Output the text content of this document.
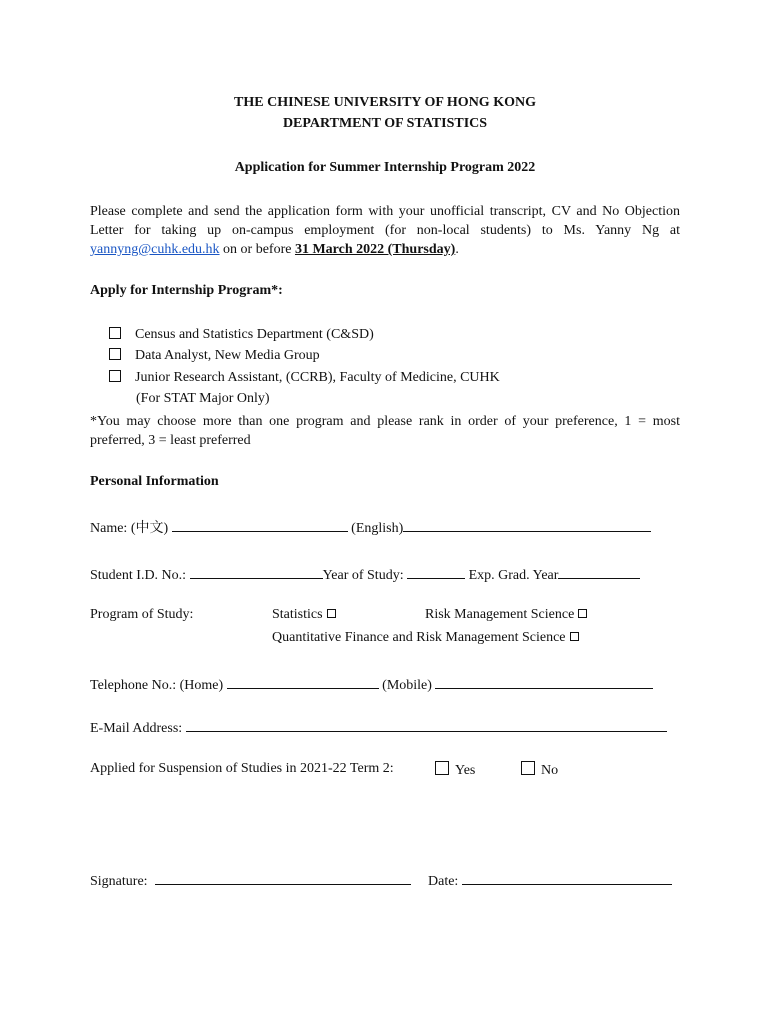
THE CHINESE UNIVERSITY OF HONG KONG
DEPARTMENT OF STATISTICS
Application for Summer Internship Program 2022
Please complete and send the application form with your unofficial transcript, CV and No Objection Letter for taking up on-campus employment (for non-local students) to Ms. Yanny Ng at yannyng@cuhk.edu.hk on or before 31 March 2022 (Thursday).
Apply for Internship Program*:
Census and Statistics Department (C&SD)
Data Analyst, New Media Group
Junior Research Assistant, (CCRB), Faculty of Medicine, CUHK
(For STAT Major Only)
*You may choose more than one program and please rank in order of your preference, 1 = most preferred, 3 = least preferred
Personal Information
Name: (中文)	(English)
Student I.D. No.:	Year of Study:	Exp. Grad. Year
Program of Study:	Statistics	Risk Management Science
Quantitative Finance and Risk Management Science
Telephone No.: (Home)	(Mobile)
E-Mail Address:
Applied for Suspension of Studies in 2021-22 Term 2:	Yes	No
Signature:	Date:
